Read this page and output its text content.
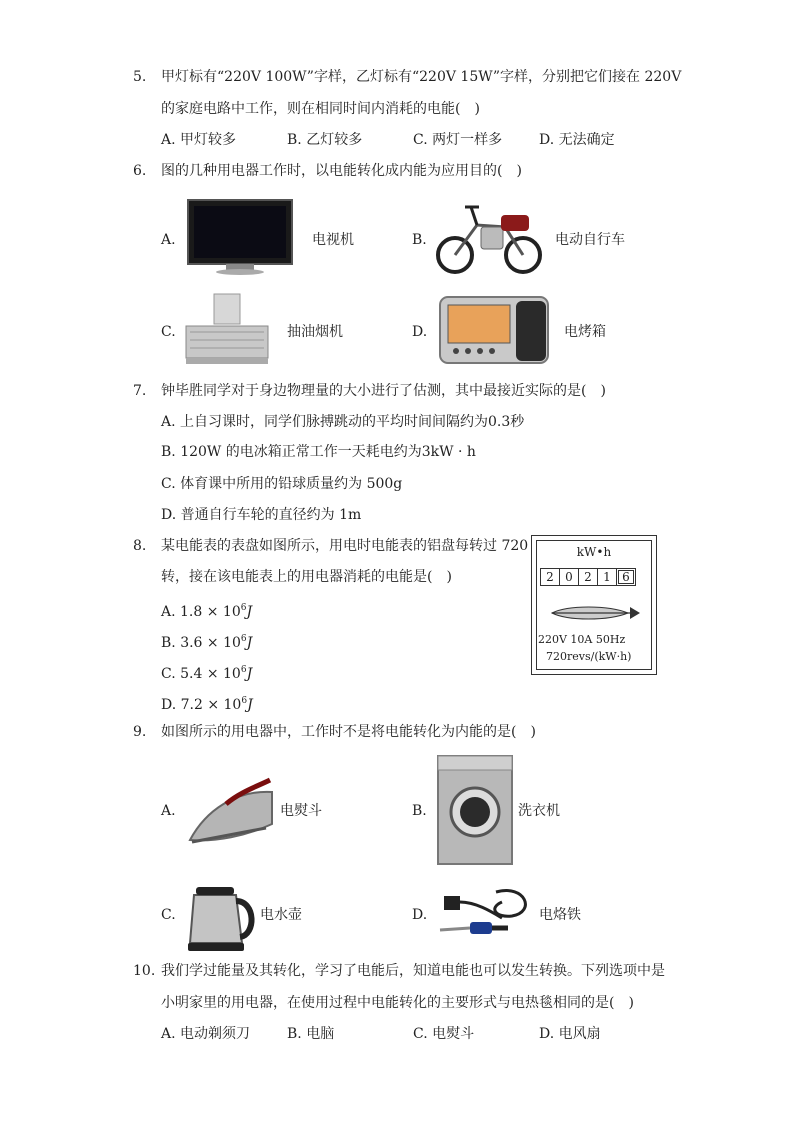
5. 甲灯标有“220V 100W”字样，乙灯标有“220V 15W”字样，分别把它们接在 220V
的家庭电路中工作，则在相同时间内消耗的电能(　)
A. 甲灯较多	B. 乙灯较多	C. 两灯一样多	D. 无法确定
6. 图的几种用电器工作时，以电能转化成内能为应用目的(　)
A.	电视机	B.	电动自行车
C.	抽油烟机	D.	电烤箱
7. 钟毕胜同学对于身边物理量的大小进行了估测，其中最接近实际的是(　)
A. 上自习课时，同学们脉搏跳动的平均时间间隔约为0.3秒
B. 120W 的电冰箱正常工作一天耗电约为3kW · h
C. 体育课中所用的铅球质量约为 500g
D. 普通自行车轮的直径约为 1m
8. 某电能表的表盘如图所示，用电时电能表的铝盘每转过 720
转，接在该电能表上的用电器消耗的电能是(　)
A. $1.8 \times 10^6J$
B. $3.6 \times 10^6J$
C. $5.4 \times 10^6J$
D. $7.2 \times 10^6J$
kW•h
2 0 2 1 6
220V 10A 50Hz
720revs/(kW·h)
9. 如图所示的用电器中，工作时不是将电能转化为内能的是(　)
A.	电熨斗	B.	洗衣机
C.	电水壶	D.	电烙铁
10. 我们学过能量及其转化，学习了电能后，知道电能也可以发生转换。下列选项中是
小明家里的用电器，在使用过程中电能转化的主要形式与电热毯相同的是(　)
A. 电动剃须刀	B. 电脑	C. 电熨斗	D. 电风扇
